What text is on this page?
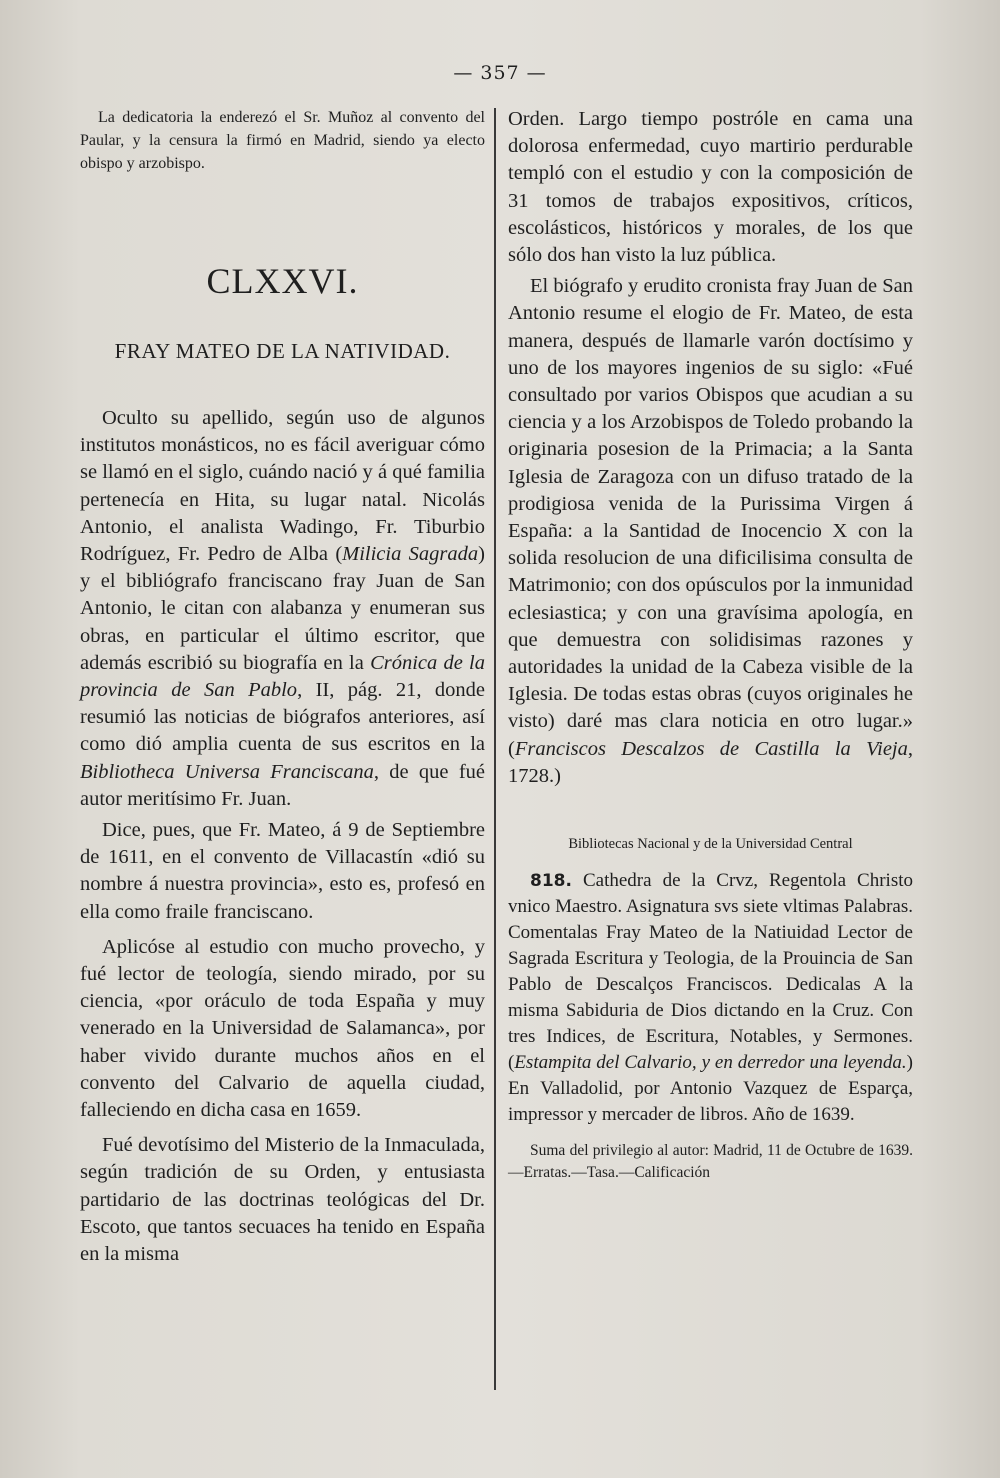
— 357 —

La dedicatoria la enderezó el Sr. Muñoz al convento del Paular, y la censura la firmó en Madrid, siendo ya electo obispo y arzobispo.

CLXXVI.
FRAY MATEO DE LA NATIVIDAD.

Oculto su apellido, según uso de algunos institutos monásticos, no es fácil averiguar cómo se llamó en el siglo, cuándo nació y á qué familia pertenecía en Hita, su lugar natal. Nicolás Antonio, el analista Wadingo, Fr. Tiburbio Rodríguez, Fr. Pedro de Alba (Milicia Sagrada) y el bibliógrafo franciscano fray Juan de San Antonio, le citan con alabanza y enumeran sus obras, en particular el último escritor, que además escribió su biografía en la Crónica de la provincia de San Pablo, II, pág. 21, donde resumió las noticias de biógrafos anteriores, así como dió amplia cuenta de sus escritos en la Bibliotheca Universa Franciscana, de que fué autor meritísimo Fr. Juan.

Dice, pues, que Fr. Mateo, á 9 de Septiembre de 1611, en el convento de Villacastín «dió su nombre á nuestra provincia», esto es, profesó en ella como fraile franciscano.

Aplicóse al estudio con mucho provecho, y fué lector de teología, siendo mirado, por su ciencia, «por oráculo de toda España y muy venerado en la Universidad de Salamanca», por haber vivido durante muchos años en el convento del Calvario de aquella ciudad, falleciendo en dicha casa en 1659.

Fué devotísimo del Misterio de la Inmaculada, según tradición de su Orden, y entusiasta partidario de las doctrinas teológicas del Dr. Escoto, que tantos secuaces ha tenido en España en la misma

Orden. Largo tiempo postróle en cama una dolorosa enfermedad, cuyo martirio perdurable templó con el estudio y con la composición de 31 tomos de trabajos expositivos, críticos, escolásticos, históricos y morales, de los que sólo dos han visto la luz pública.

El biógrafo y erudito cronista fray Juan de San Antonio resume el elogio de Fr. Mateo, de esta manera, después de llamarle varón doctísimo y uno de los mayores ingenios de su siglo: «Fué consultado por varios Obispos que acudian a su ciencia y a los Arzobispos de Toledo probando la originaria posesion de la Primacia; a la Santa Iglesia de Zaragoza con un difuso tratado de la prodigiosa venida de la Purissima Virgen á España: a la Santidad de Inocencio X con la solida resolucion de una dificilisima consulta de Matrimonio; con dos opúsculos por la inmunidad eclesiastica; y con una gravísima apología, en que demuestra con solidisimas razones y autoridades la unidad de la Cabeza visible de la Iglesia. De todas estas obras (cuyos originales he visto) daré mas clara noticia en otro lugar.» (Franciscos Descalzos de Castilla la Vieja, 1728.)

Bibliotecas Nacional y de la Universidad Central

818. Cathedra de la Crvz, Regentola Christo vnico Maestro. Asignatura svs siete vltimas Palabras. Comentalas Fray Mateo de la Natiuidad Lector de Sagrada Escritura y Teologia, de la Prouincia de San Pablo de Descalços Franciscos. Dedicalas A la misma Sabiduria de Dios dictando en la Cruz. Con tres Indices, de Escritura, Notables, y Sermones. (Estampita del Calvario, y en derredor una leyenda.) En Valladolid, por Antonio Vazquez de Esparça, impressor y mercader de libros. Año de 1639.

Suma del privilegio al autor: Madrid, 11 de Octubre de 1639.—Erratas.—Tasa.—Calificación
